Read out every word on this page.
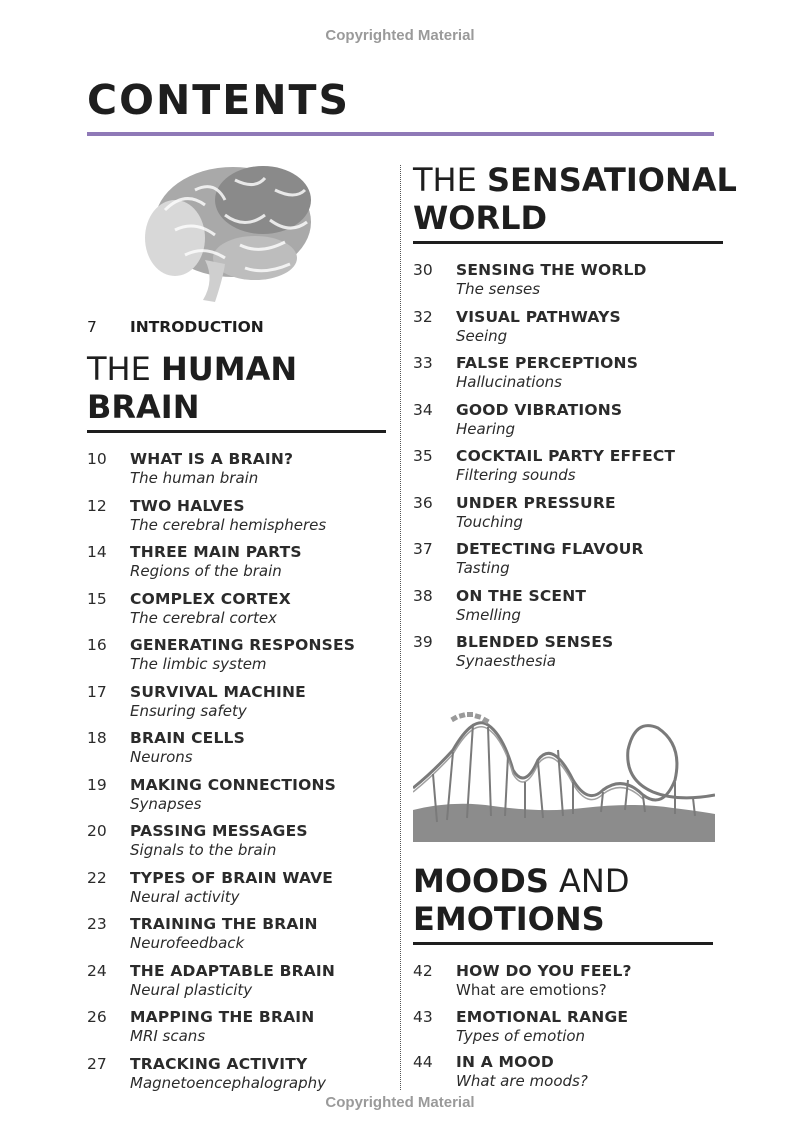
Copyrighted Material
CONTENTS
7 INTRODUCTION
THE HUMAN
BRAIN
10 WHAT IS A BRAIN?
The human brain
12 TWO HALVES
The cerebral hemispheres
14 THREE MAIN PARTS
Regions of the brain
15 COMPLEX CORTEX
The cerebral cortex
16 GENERATING RESPONSES
The limbic system
17 SURVIVAL MACHINE
Ensuring safety
18 BRAIN CELLS
Neurons
19 MAKING CONNECTIONS
Synapses
20 PASSING MESSAGES
Signals to the brain
22 TYPES OF BRAIN WAVE
Neural activity
23 TRAINING THE BRAIN
Neurofeedback
24 THE ADAPTABLE BRAIN
Neural plasticity
26 MAPPING THE BRAIN
MRI scans
27 TRACKING ACTIVITY
Magnetoencephalography
THE SENSATIONAL
WORLD
30 SENSING THE WORLD
The senses
32 VISUAL PATHWAYS
Seeing
33 FALSE PERCEPTIONS
Hallucinations
34 GOOD VIBRATIONS
Hearing
35 COCKTAIL PARTY EFFECT
Filtering sounds
36 UNDER PRESSURE
Touching
37 DETECTING FLAVOUR
Tasting
38 ON THE SCENT
Smelling
39 BLENDED SENSES
Synaesthesia
MOODS AND
EMOTIONS
42 HOW DO YOU FEEL?
What are emotions?
43 EMOTIONAL RANGE
Types of emotion
44 IN A MOOD
What are moods?
Copyrighted Material
